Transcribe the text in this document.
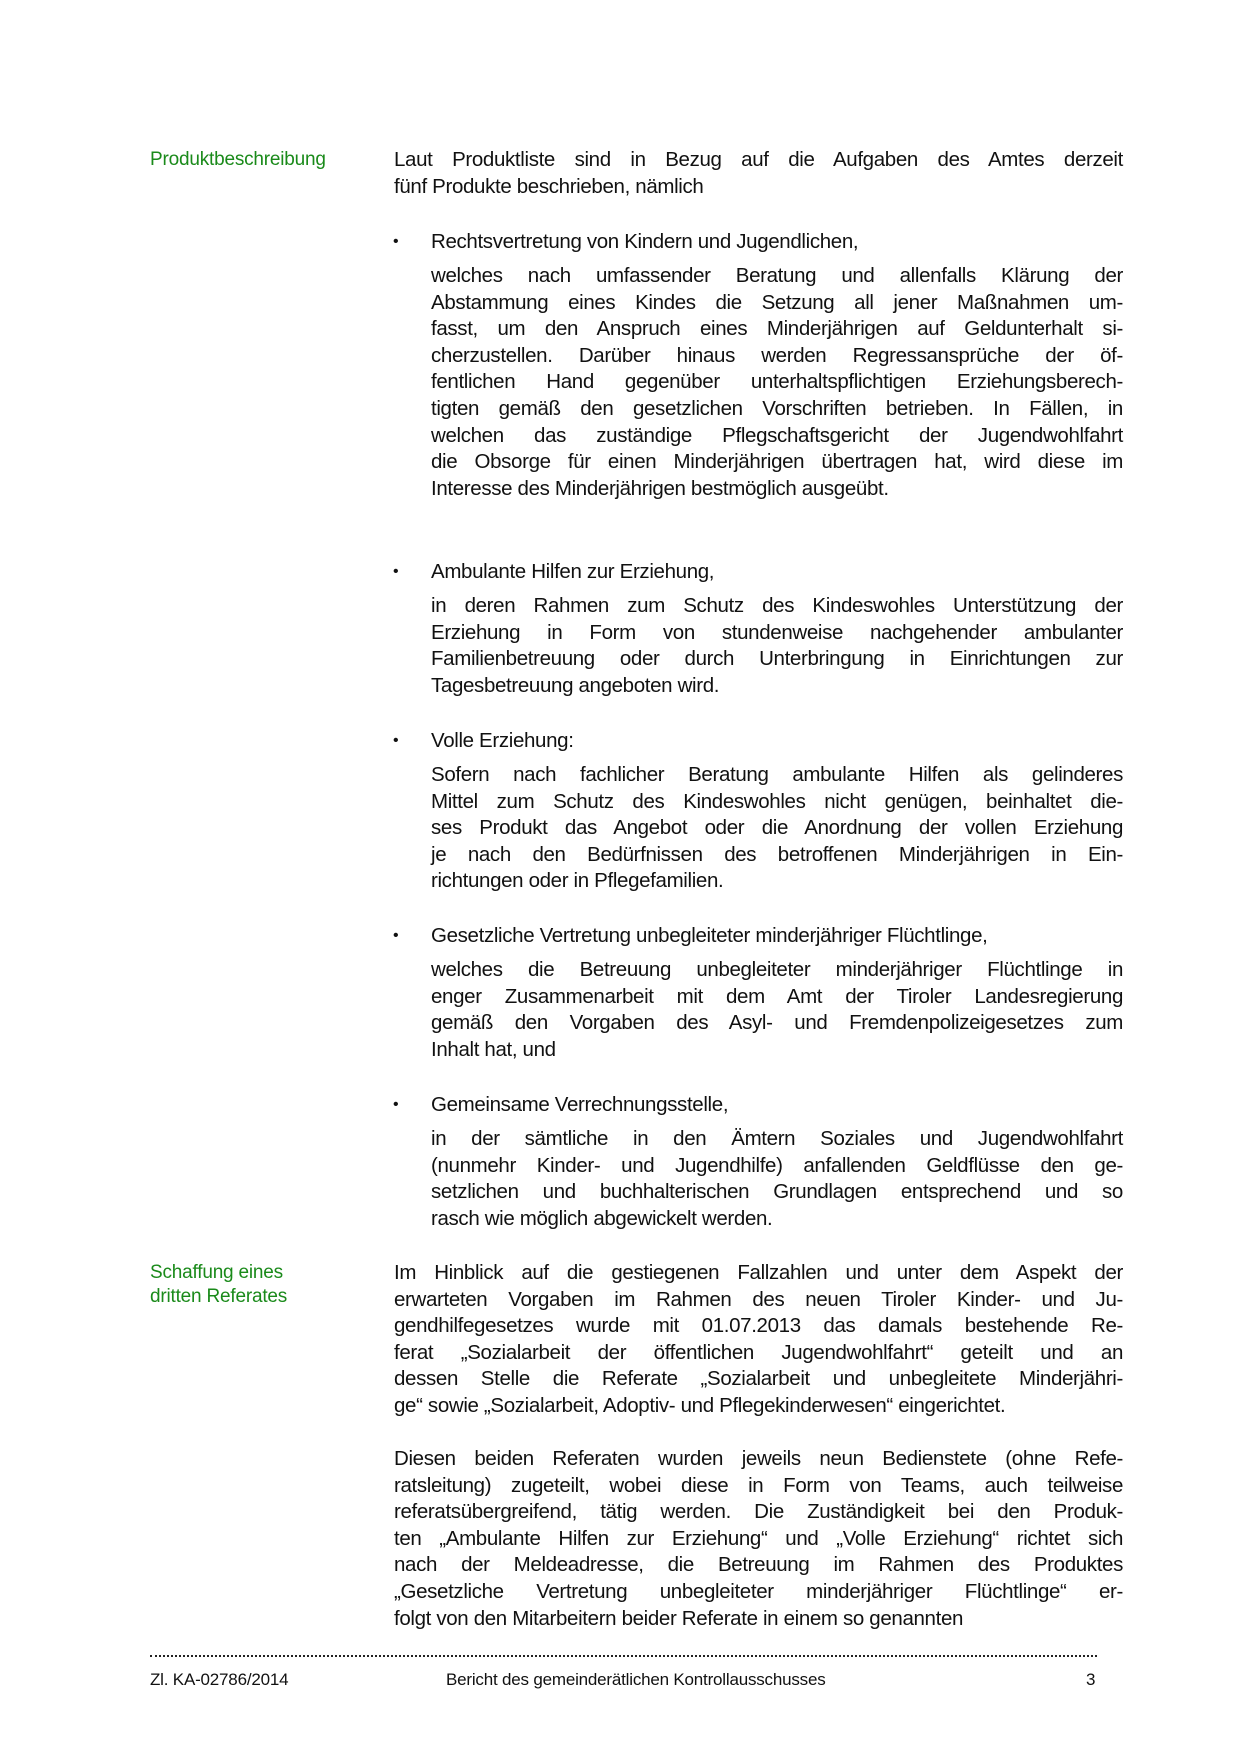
Produktbeschreibung	Laut Produktliste sind in Bezug auf die Aufgaben des Amtes derzeit
fünf Produkte beschrieben, nämlich
• Rechtsvertretung von Kindern und Jugendlichen,
welches nach umfassender Beratung und allenfalls Klärung der
Abstammung eines Kindes die Setzung all jener Maßnahmen um-
fasst, um den Anspruch eines Minderjährigen auf Geldunterhalt si-
cherzustellen. Darüber hinaus werden Regressansprüche der öf-
fentlichen Hand gegenüber unterhaltspflichtigen Erziehungsberech-
tigten gemäß den gesetzlichen Vorschriften betrieben. In Fällen, in
welchen das zuständige Pflegschaftsgericht der Jugendwohlfahrt
die Obsorge für einen Minderjährigen übertragen hat, wird diese im
Interesse des Minderjährigen bestmöglich ausgeübt.
• Ambulante Hilfen zur Erziehung,
in deren Rahmen zum Schutz des Kindeswohles Unterstützung der
Erziehung in Form von stundenweise nachgehender ambulanter
Familienbetreuung oder durch Unterbringung in Einrichtungen zur
Tagesbetreuung angeboten wird.
• Volle Erziehung:
Sofern nach fachlicher Beratung ambulante Hilfen als gelinderes
Mittel zum Schutz des Kindeswohles nicht genügen, beinhaltet die-
ses Produkt das Angebot oder die Anordnung der vollen Erziehung
je nach den Bedürfnissen des betroffenen Minderjährigen in Ein-
richtungen oder in Pflegefamilien.
• Gesetzliche Vertretung unbegleiteter minderjähriger Flüchtlinge,
welches die Betreuung unbegleiteter minderjähriger Flüchtlinge in
enger Zusammenarbeit mit dem Amt der Tiroler Landesregierung
gemäß den Vorgaben des Asyl- und Fremdenpolizeigesetzes zum
Inhalt hat, und
• Gemeinsame Verrechnungsstelle,
in der sämtliche in den Ämtern Soziales und Jugendwohlfahrt
(nunmehr Kinder- und Jugendhilfe) anfallenden Geldflüsse den ge-
setzlichen und buchhalterischen Grundlagen entsprechend und so
rasch wie möglich abgewickelt werden.
Schaffung eines
dritten Referates
Im Hinblick auf die gestiegenen Fallzahlen und unter dem Aspekt der
erwarteten Vorgaben im Rahmen des neuen Tiroler Kinder- und Ju-
gendhilfegesetzes wurde mit 01.07.2013 das damals bestehende Re-
ferat „Sozialarbeit der öffentlichen Jugendwohlfahrt“ geteilt und an
dessen Stelle die Referate „Sozialarbeit und unbegleitete Minderjähri-
ge“ sowie „Sozialarbeit, Adoptiv- und Pflegekinderwesen“ eingerichtet.
Diesen beiden Referaten wurden jeweils neun Bedienstete (ohne Refe-
ratsleitung) zugeteilt, wobei diese in Form von Teams, auch teilweise
referatsübergreifend, tätig werden. Die Zuständigkeit bei den Produk-
ten „Ambulante Hilfen zur Erziehung“ und „Volle Erziehung“ richtet sich
nach der Meldeadresse, die Betreuung im Rahmen des Produktes
„Gesetzliche Vertretung unbegleiteter minderjähriger Flüchtlinge“ er-
folgt von den Mitarbeitern beider Referate in einem so genannten
Zl. KA-02786/2014	Bericht des gemeinderätlichen Kontrollausschusses	3
